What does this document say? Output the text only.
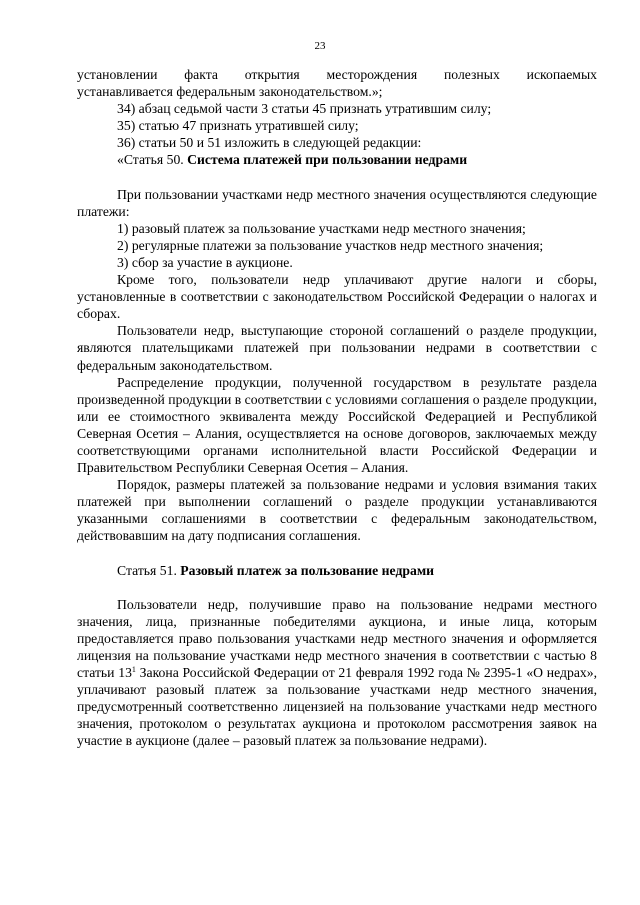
23

установлении факта открытия месторождения полезных ископаемых

устанавливается федеральным законодательством.»;

34) абзац седьмой части 3 статьи 45 признать утратившим силу;

35) статью 47 признать утратившей силу;

36) статьи 50 и 51 изложить в следующей редакции:

«Статья 50. Система платежей при пользовании недрами

При пользовании участками недр местного значения осуществляются следующие платежи:

1) разовый платеж за пользование участками недр местного значения;

2) регулярные платежи за пользование участков недр местного значения;

3) сбор за участие в аукционе.

Кроме того, пользователи недр уплачивают другие налоги и сборы, установленные в соответствии с законодательством Российской Федерации о налогах и сборах.

Пользователи недр, выступающие стороной соглашений о разделе продукции, являются плательщиками платежей при пользовании недрами в соответствии с федеральным законодательством.

Распределение продукции, полученной государством в результате раздела произведенной продукции в соответствии с условиями соглашения о разделе продукции, или ее стоимостного эквивалента между Российской Федерацией и Республикой Северная Осетия – Алания, осуществляется на основе договоров, заключаемых между соответствующими органами исполнительной власти Российской Федерации и Правительством Республики Северная Осетия – Алания.

Порядок, размеры платежей за пользование недрами и условия взимания таких платежей при выполнении соглашений о разделе продукции устанавливаются указанными соглашениями в соответствии с федеральным законодательством, действовавшим на дату подписания соглашения.

Статья 51. Разовый платеж за пользование недрами

Пользователи недр, получившие право на пользование недрами местного значения, лица, признанные победителями аукциона, и иные лица, которым предоставляется право пользования участками недр местного значения и оформляется лицензия на пользование участками недр местного значения в соответствии с частью 8 статьи $13^1$ Закона Российской Федерации от 21 февраля 1992 года № 2395-1 «О недрах», уплачивают разовый платеж за пользование участками недр местного значения, предусмотренный соответственно лицензией на пользование участками недр местного значения, протоколом о результатах аукциона и протоколом рассмотрения заявок на участие в аукционе (далее – разовый платеж за пользование недрами).
